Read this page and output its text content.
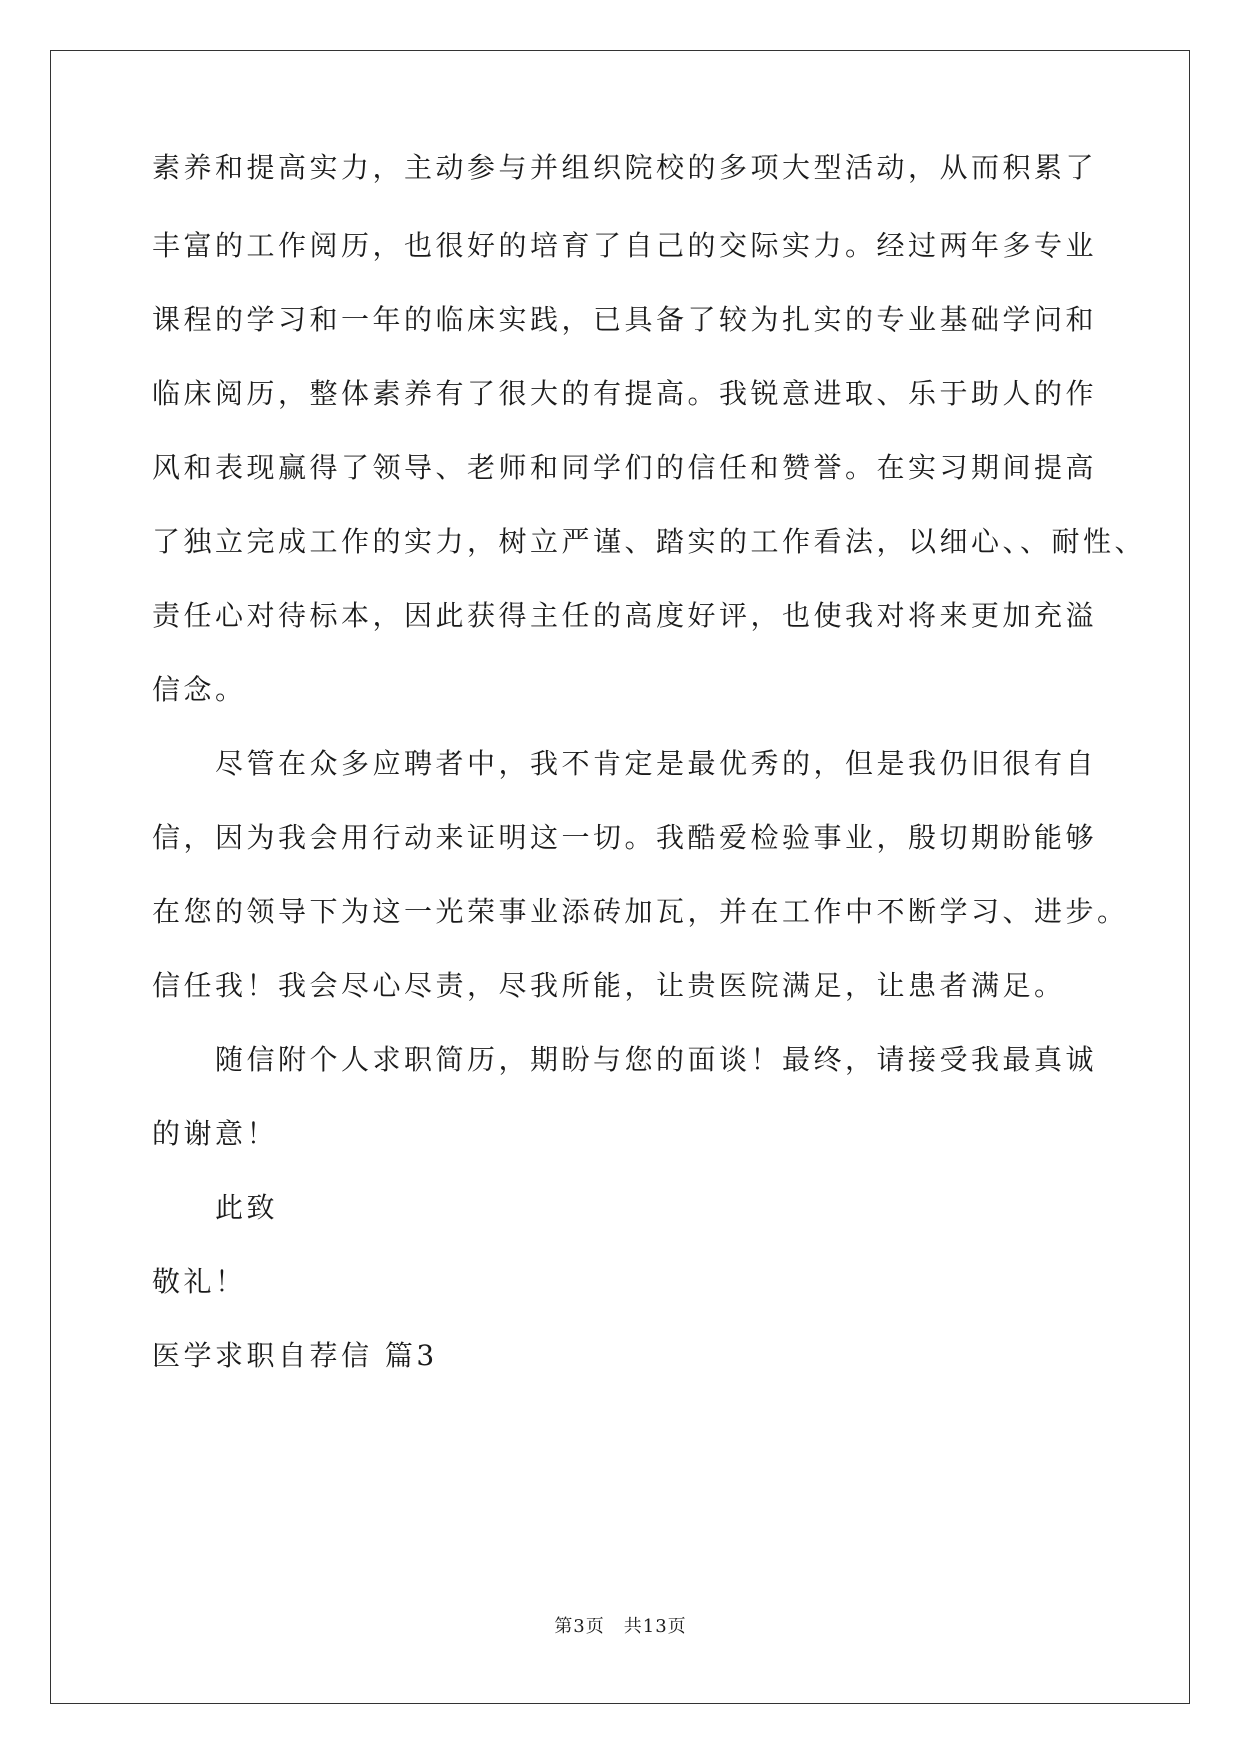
素养和提高实力，主动参与并组织院校的多项大型活动，从而积累了
丰富的工作阅历，也很好的培育了自己的交际实力。经过两年多专业
课程的学习和一年的临床实践，已具备了较为扎实的专业基础学问和
临床阅历，整体素养有了很大的有提高。我锐意进取、乐于助人的作
风和表现赢得了领导、老师和同学们的信任和赞誉。在实习期间提高
了独立完成工作的实力，树立严谨、踏实的工作看法，以细心、、耐性、
责任心对待标本，因此获得主任的高度好评，也使我对将来更加充溢
信念。
　　尽管在众多应聘者中，我不肯定是最优秀的，但是我仍旧很有自
信，因为我会用行动来证明这一切。我酷爱检验事业，殷切期盼能够
在您的领导下为这一光荣事业添砖加瓦，并在工作中不断学习、进步。
信任我！我会尽心尽责，尽我所能，让贵医院满足，让患者满足。
　　随信附个人求职简历，期盼与您的面谈！最终，请接受我最真诚
的谢意！
　　此致
敬礼！
医学求职自荐信 篇3
第3页　共13页
